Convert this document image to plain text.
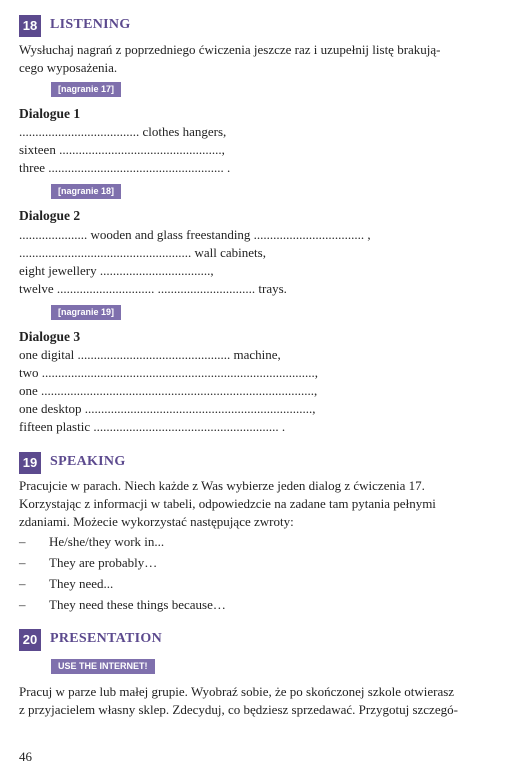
18 LISTENING
Wysłuchaj nagrań z poprzedniego ćwiczenia jeszcze raz i uzupełnij listę brakują-
cego wyposażenia.
[nagranie 17]
Dialogue 1
..................................... clothes hangers,
sixteen ..................................................,
three ...................................................... .
[nagranie 18]
Dialogue 2
..................... wooden and glass freestanding .................................. ,
..................................................... wall cabinets,
eight jewellery ..................................,
twelve .............................. .............................. trays.
[nagranie 19]
Dialogue 3
one digital ............................................... machine,
two ....................................................................................,
one ....................................................................................,
one desktop ......................................................................,
fifteen plastic ......................................................... .
19 SPEAKING
Pracujcie w parach. Niech każde z Was wybierze jeden dialog z ćwiczenia 17.
Korzystając z informacji w tabeli, odpowiedzcie na zadane tam pytania pełnymi
zdaniami. Możecie wykorzystać następujące zwroty:
– He/she/they work in...
– They are probably…
– They need...
– They need these things because…
20 PRESENTATION
USE THE INTERNET!
Pracuj w parze lub małej grupie. Wyobraź sobie, że po skończonej szkole otwierasz
z przyjacielem własny sklep. Zdecyduj, co będziesz sprzedawać. Przygotuj szczegó-
46
